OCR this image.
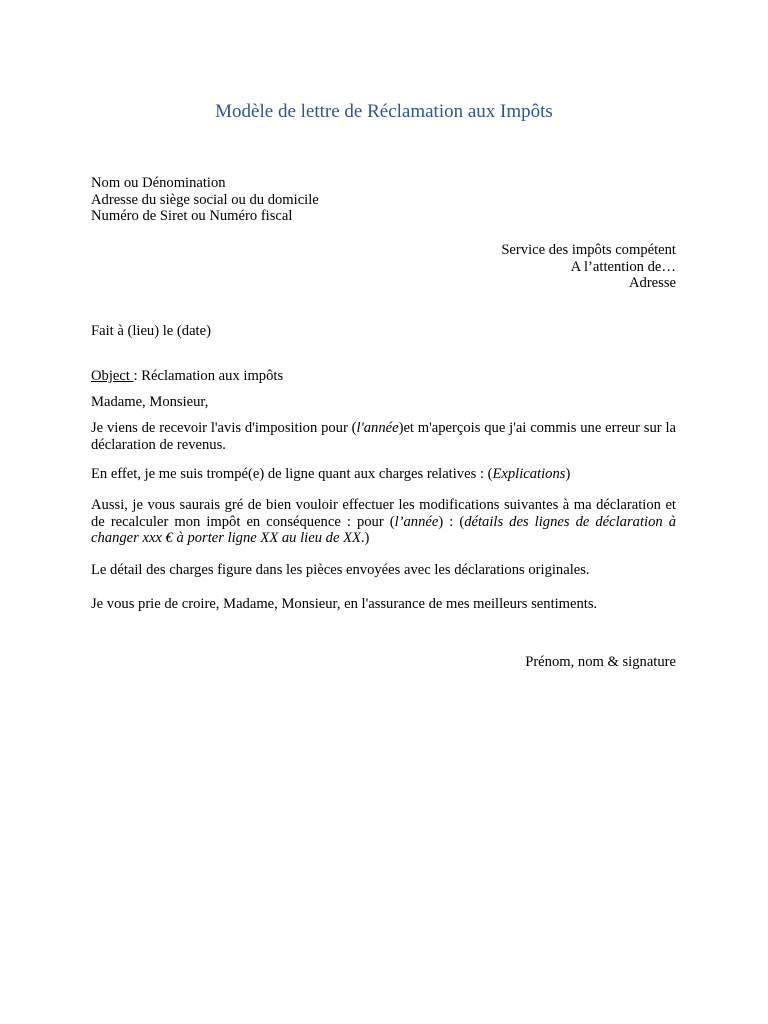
Modèle de lettre de Réclamation aux Impôts
Nom ou Dénomination
Adresse du siège social ou du domicile
Numéro de Siret ou Numéro fiscal
Service des impôts compétent
A l’attention de…
Adresse
Fait à (lieu) le (date)
Object : Réclamation aux impôts

Madame, Monsieur,

Je viens de recevoir l'avis d'imposition pour (l'année)et m'aperçois que j'ai commis une erreur sur la déclaration de revenus.

En effet, je me suis trompé(e) de ligne quant aux charges relatives : (Explications)

Aussi, je vous saurais gré de bien vouloir effectuer les modifications suivantes à ma déclaration et de recalculer mon impôt en conséquence : pour (l’année) : (détails des lignes de déclaration à changer xxx € à porter ligne XX au lieu de XX.)

Le détail des charges figure dans les pièces envoyées avec les déclarations originales.

Je vous prie de croire, Madame, Monsieur, en l'assurance de mes meilleurs sentiments.

Prénom, nom & signature
